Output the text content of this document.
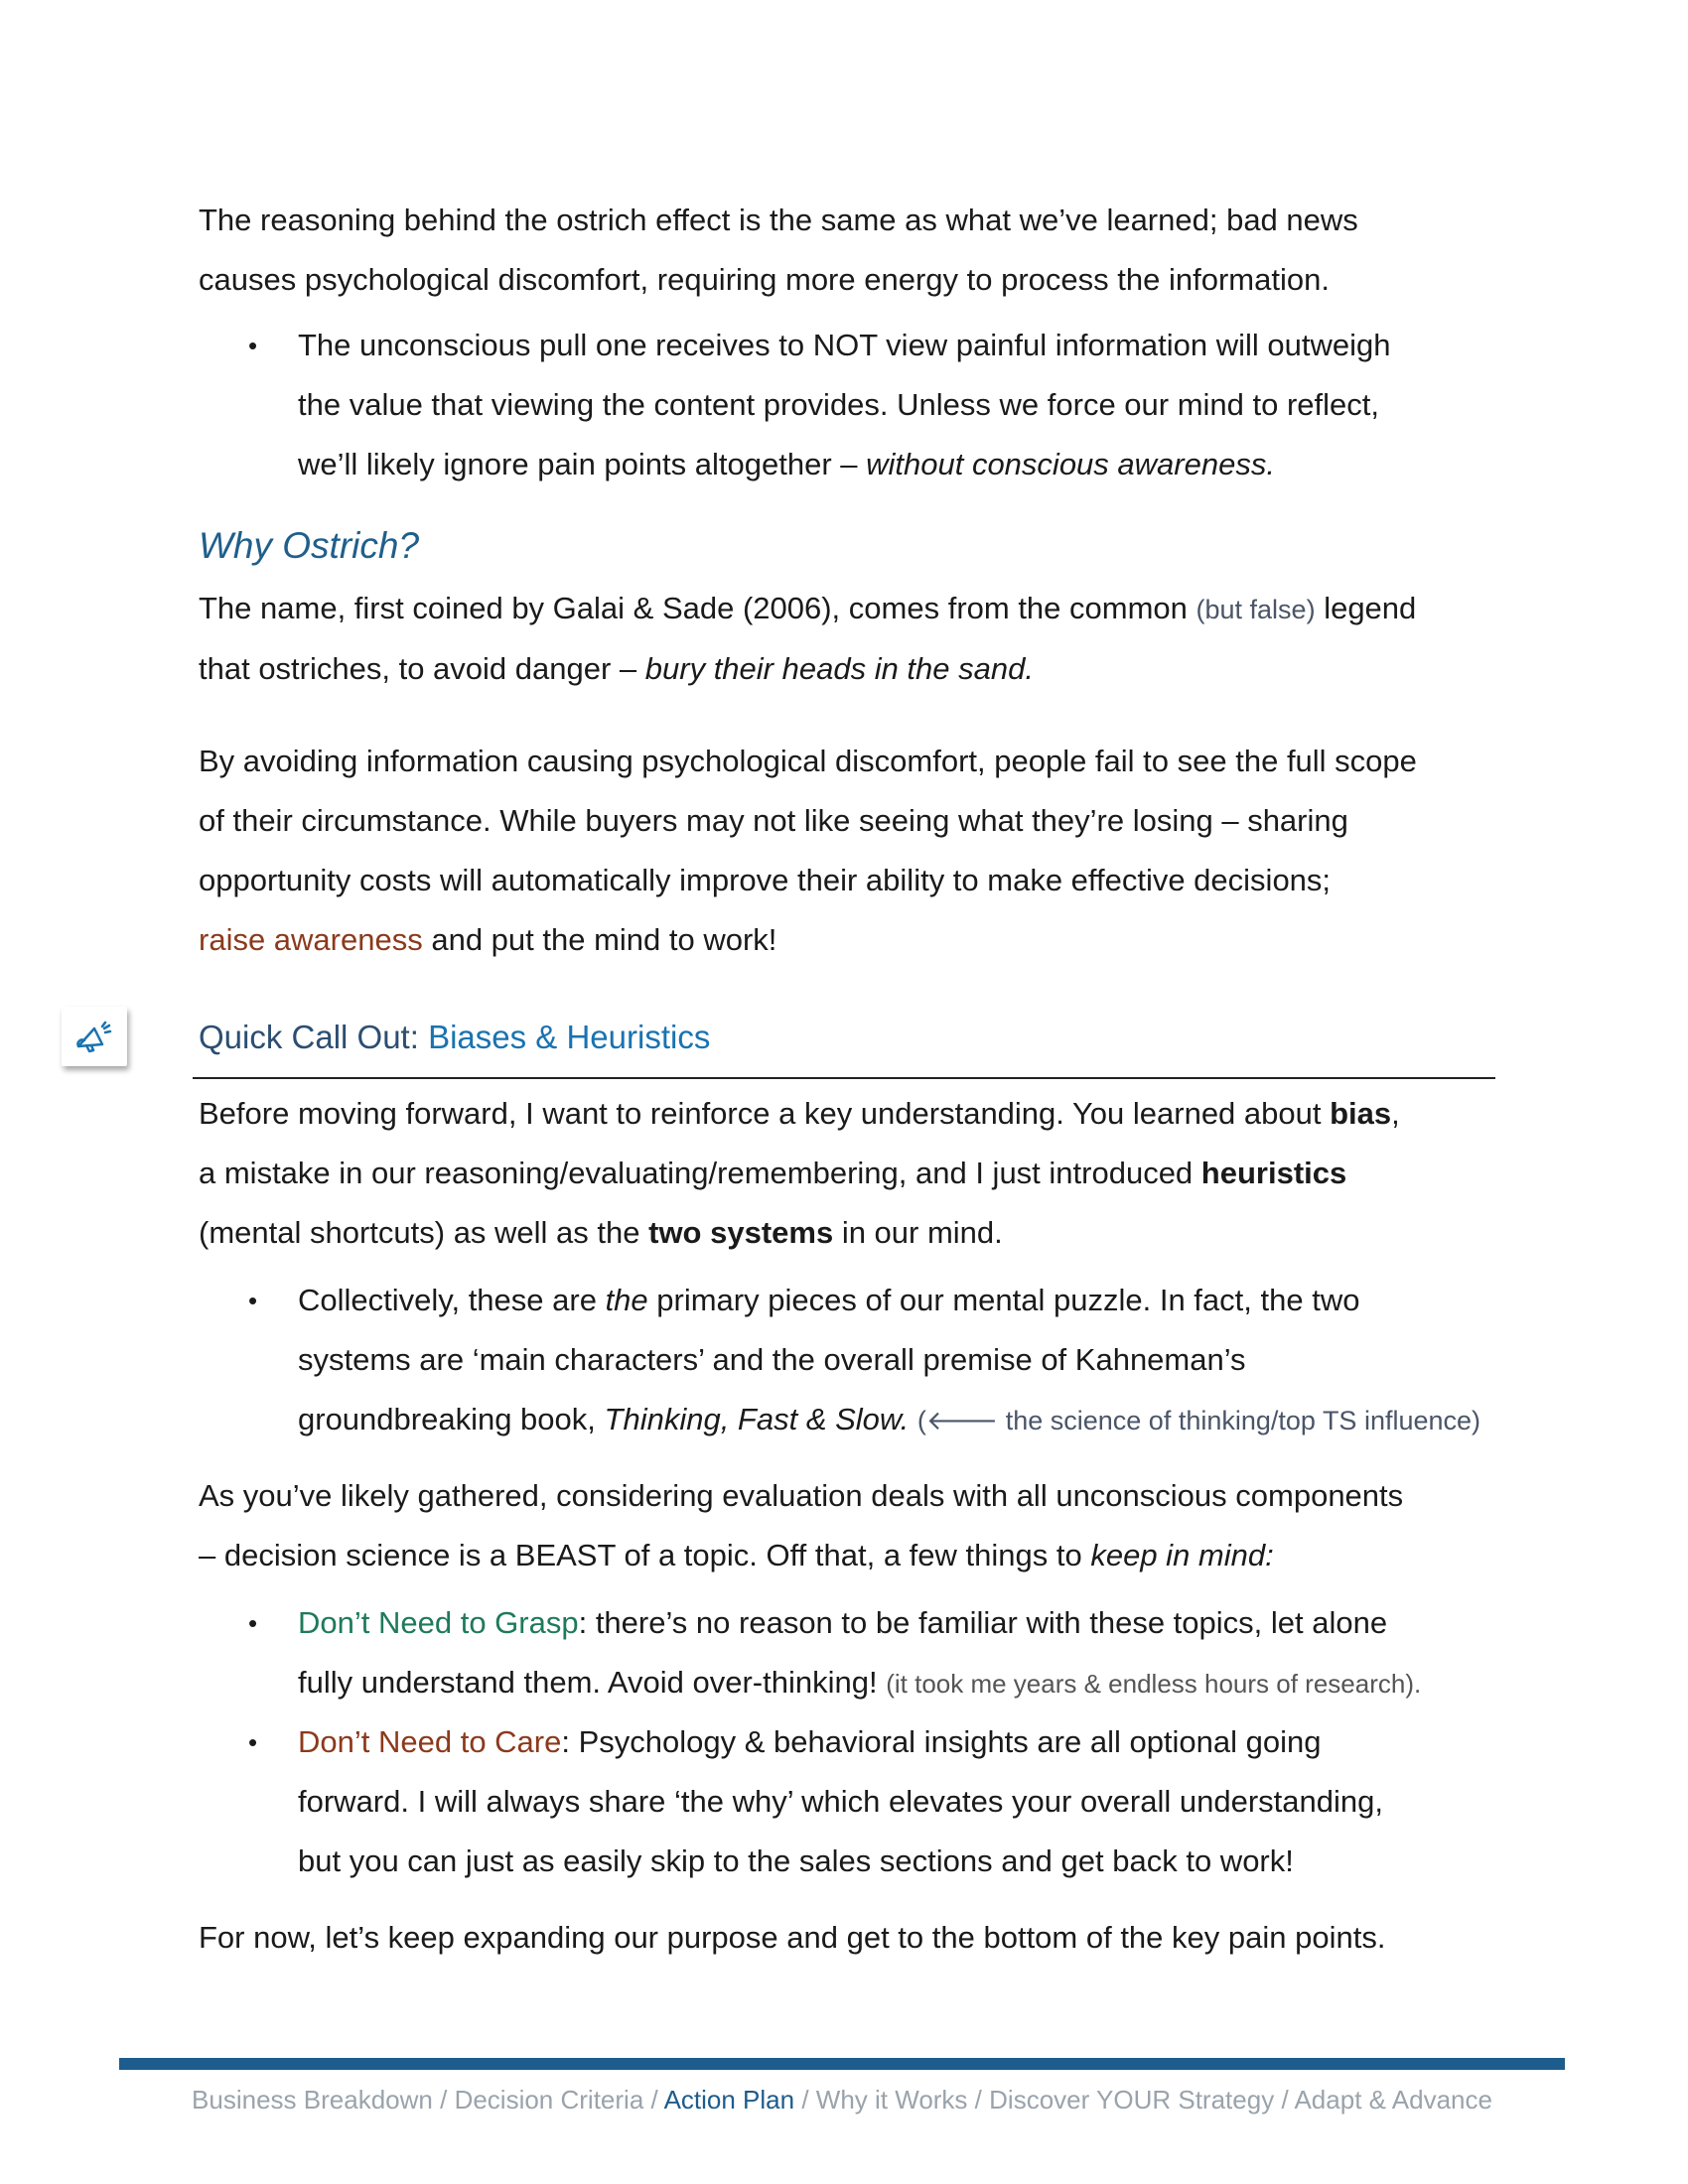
The reasoning behind the ostrich effect is the same as what we’ve learned; bad news

causes psychological discomfort, requiring more energy to process the information.

• The unconscious pull one receives to NOT view painful information will outweigh
the value that viewing the content provides. Unless we force our mind to reflect,
we’ll likely ignore pain points altogether – without conscious awareness.
Why Ostrich?

The name, first coined by Galai & Sade (2006), comes from the common (but false) legend

that ostriches, to avoid danger – bury their heads in the sand.

By avoiding information causing psychological discomfort, people fail to see the full scope

of their circumstance. While buyers may not like seeing what they’re losing – sharing

opportunity costs will automatically improve their ability to make effective decisions;

raise awareness and put the mind to work!

Quick Call Out: Biases & Heuristics

Before moving forward, I want to reinforce a key understanding. You learned about bias,

a mistake in our reasoning/evaluating/remembering, and I just introduced heuristics

(mental shortcuts) as well as the two systems in our mind.

• Collectively, these are the primary pieces of our mental puzzle. In fact, the two
systems are ‘main characters’ and the overall premise of Kahneman’s
groundbreaking book, Thinking, Fast & Slow. (🡐 the science of thinking/top TS influence)

As you’ve likely gathered, considering evaluation deals with all unconscious components

– decision science is a BEAST of a topic. Off that, a few things to keep in mind:

• Don’t Need to Grasp: there’s no reason to be familiar with these topics, let alone
fully understand them. Avoid over-thinking! (it took me years & endless hours of research).
• Don’t Need to Care: Psychology & behavioral insights are all optional going
forward. I will always share ‘the why’ which elevates your overall understanding,
but you can just as easily skip to the sales sections and get back to work!

For now, let’s keep expanding our purpose and get to the bottom of the key pain points.

Business Breakdown / Decision Criteria / Action Plan / Why it Works / Discover YOUR Strategy / Adapt & Advance
